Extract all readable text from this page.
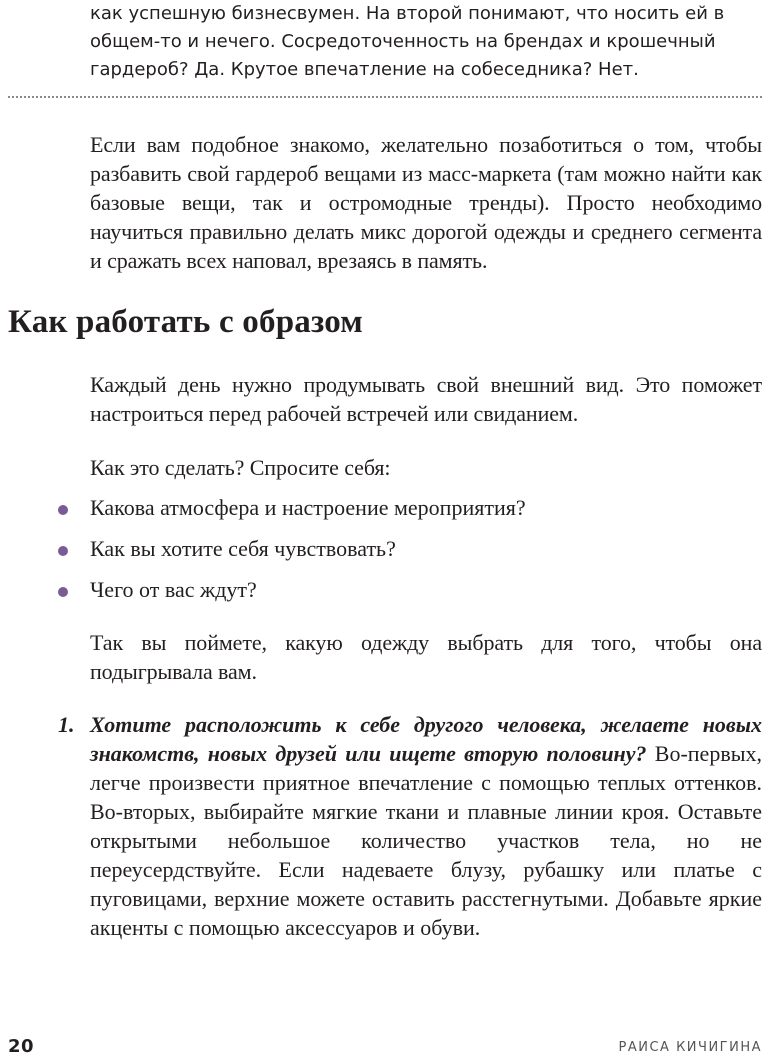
как успешную бизнесвумен. На второй понимают, что носить ей в общем-то и нечего. Сосредоточенность на брендах и крошечный гардероб? Да. Крутое впечатление на собеседника? Нет.
Если вам подобное знакомо, желательно позаботиться о том, чтобы разбавить свой гардероб вещами из масс-маркета (там можно найти как базовые вещи, так и остромодные тренды). Просто необходимо научиться правильно делать микс дорогой одежды и среднего сегмента и сражать всех наповал, врезаясь в память.
Как работать с образом
Каждый день нужно продумывать свой внешний вид. Это поможет настроиться перед рабочей встречей или свиданием.
Как это сделать? Спросите себя:
Какова атмосфера и настроение мероприятия?
Как вы хотите себя чувствовать?
Чего от вас ждут?
Так вы поймете, какую одежду выбрать для того, чтобы она подыгрывала вам.
1. Хотите расположить к себе другого человека, желаете новых знакомств, новых друзей или ищете вторую половину? Во-первых, легче произвести приятное впечатление с помощью теплых оттенков. Во-вторых, выбирайте мягкие ткани и плавные линии кроя. Оставьте открытыми небольшое количество участков тела, но не переусердствуйте. Если надеваете блузу, рубашку или платье с пуговицами, верхние можете оставить расстегнутыми. Добавьте яркие акценты с помощью аксессуаров и обуви.
20	РАИСА КИЧИГИНА
